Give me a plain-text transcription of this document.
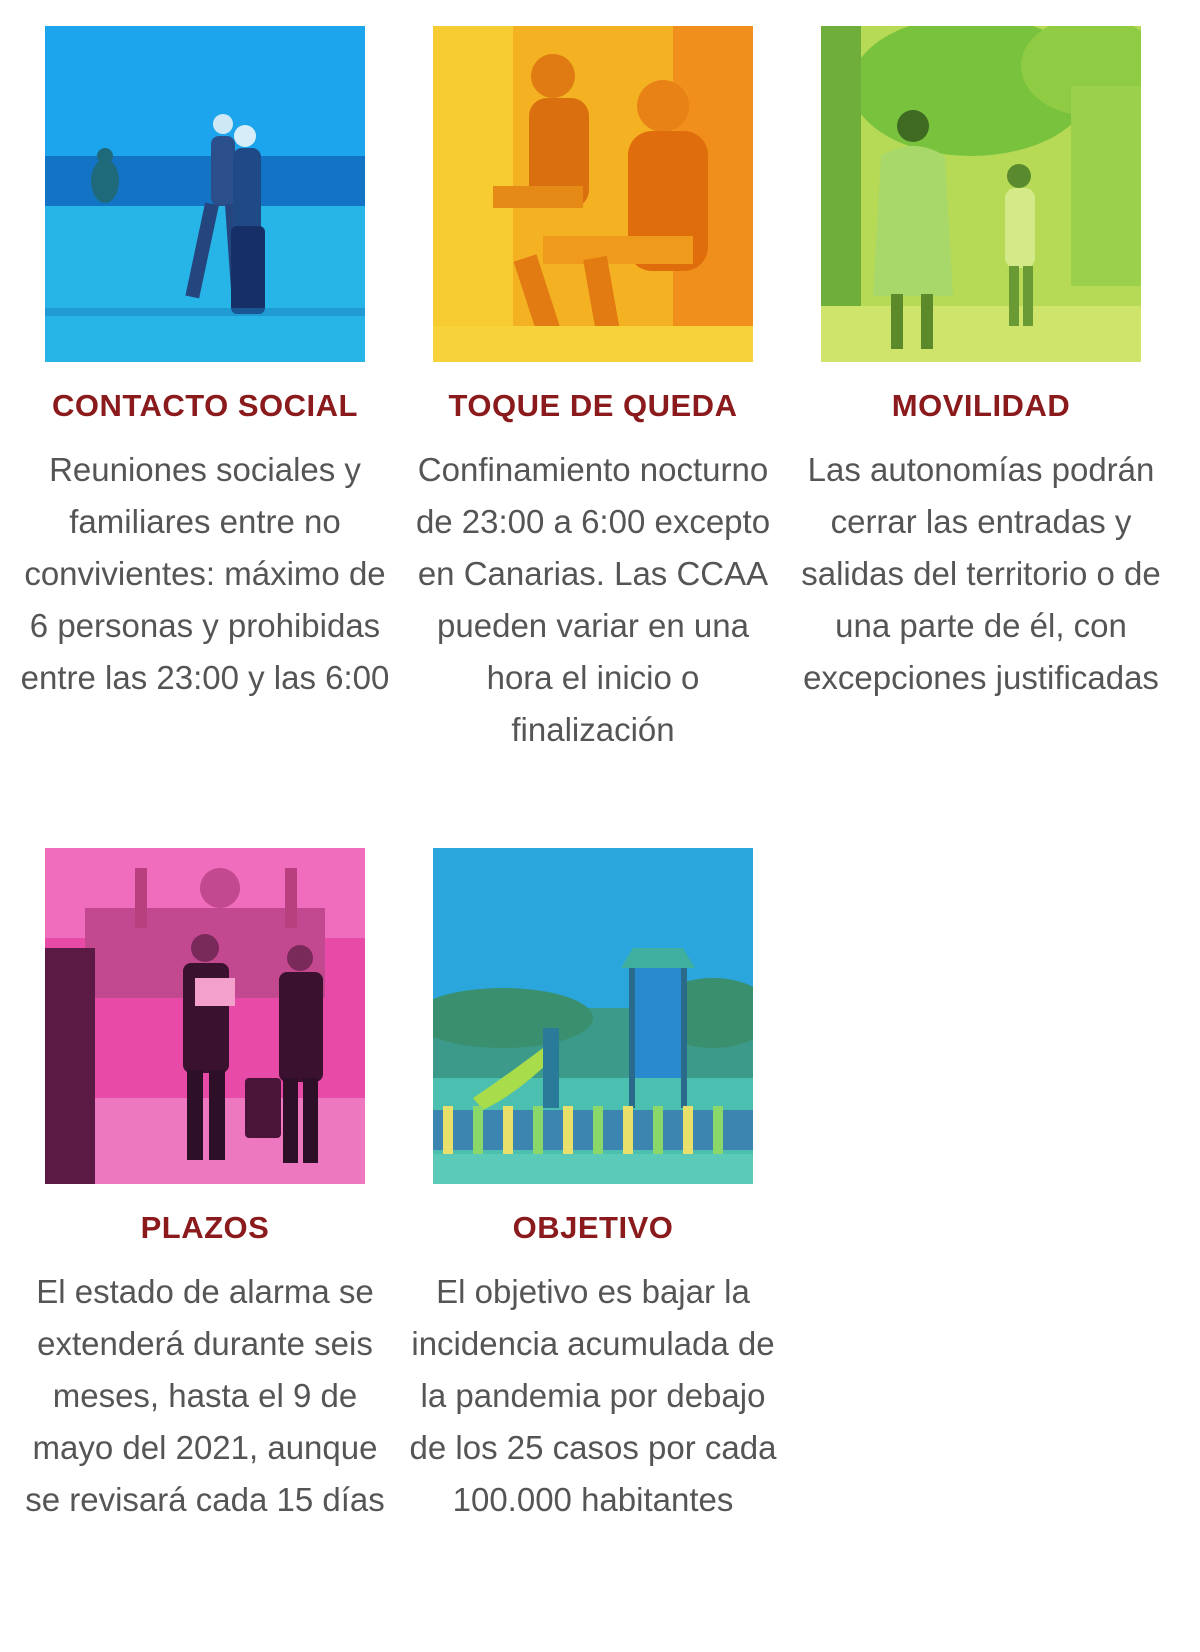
CONTACTO SOCIAL
Reuniones sociales y familiares entre no convivientes: máximo de 6 personas y prohibidas entre las 23:00 y las 6:00
TOQUE DE QUEDA
Confinamiento nocturno de 23:00 a 6:00 excepto en Canarias. Las CCAA pueden variar en una hora el inicio o finalización
MOVILIDAD
Las autonomías podrán cerrar las entradas y salidas del territorio o de una parte de él, con excepciones justificadas
PLAZOS
El estado de alarma se extenderá durante seis meses, hasta el 9 de mayo del 2021, aunque se revisará cada 15 días
OBJETIVO
El objetivo es bajar la incidencia acumulada de la pandemia por debajo de los 25 casos por cada 100.000 habitantes
